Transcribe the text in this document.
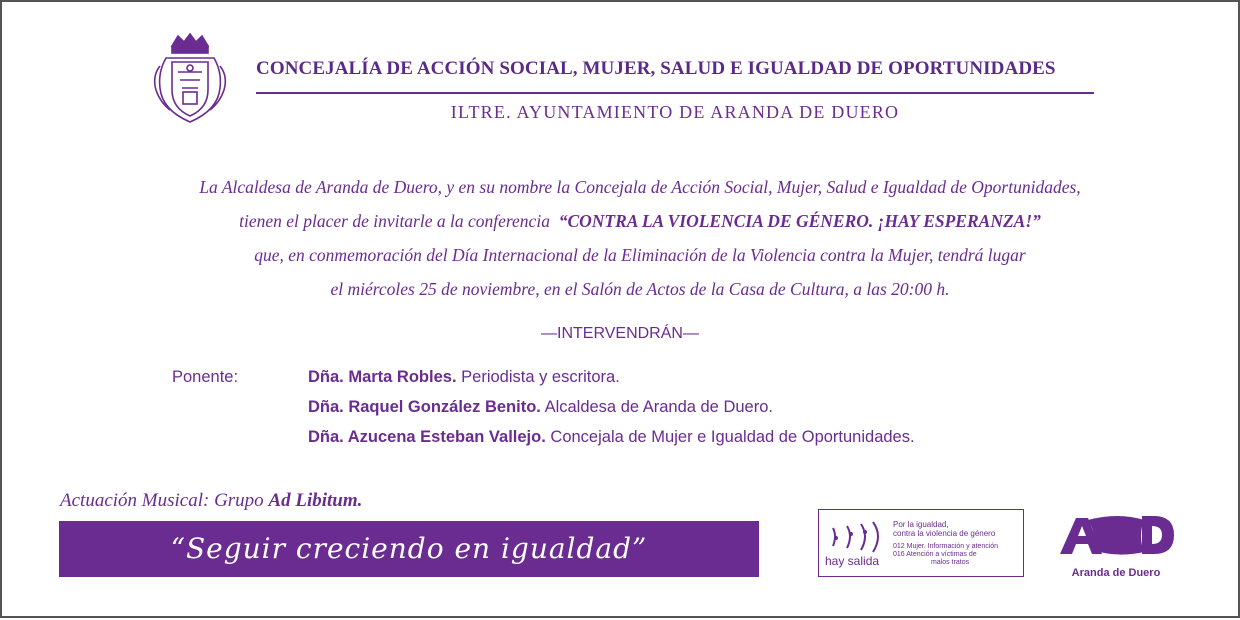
CONCEJALÍA DE ACCIÓN SOCIAL, MUJER, SALUD E IGUALDAD DE OPORTUNIDADES
ILTRE. AYUNTAMIENTO DE ARANDA DE DUERO
La Alcaldesa de Aranda de Duero, y en su nombre la Concejala de Acción Social, Mujer, Salud e Igualdad de Oportunidades,
tienen el placer de invitarle a la conferencia “CONTRA LA VIOLENCIA DE GÉNERO. ¡HAY ESPERANZA!”
que, en conmemoración del Día Internacional de la Eliminación de la Violencia contra la Mujer, tendrá lugar
el miércoles 25 de noviembre, en el Salón de Actos de la Casa de Cultura, a las 20:00 h.
—INTERVENDRÁN—
Ponente:	Dña. Marta Robles. Periodista y escritora.
Dña. Raquel González Benito. Alcaldesa de Aranda de Duero.
Dña. Azucena Esteban Vallejo. Concejala de Mujer e Igualdad de Oportunidades.
Actuación Musical: Grupo Ad Libitum.
“Seguir creciendo en igualdad”	hay salida
Por la igualdad,
contra la violencia de género
012 Mujer. Información y atención
016 Atención a víctimas de
malos tratos
Aranda de Duero
